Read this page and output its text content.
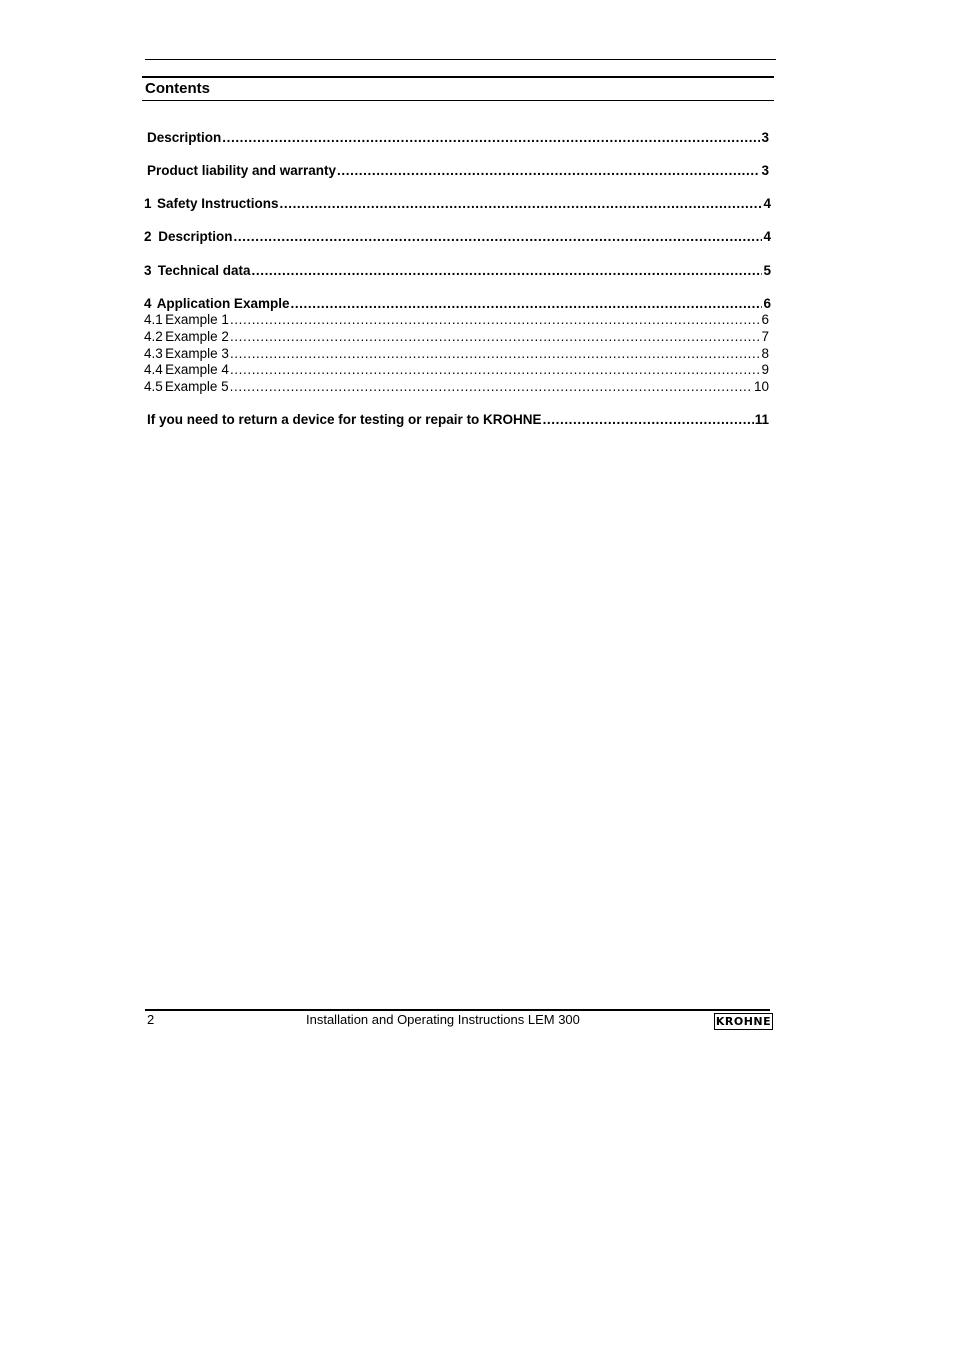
Contents
Description .....	3
Product liability and warranty .....	3
1 Safety Instructions .....	4
2 Description .....	4
3 Technical data .....	5
4 Application Example .....	6
4.1 Example 1 .....	6
4.2 Example 2 .....	7
4.3 Example 3 .....	8
4.4 Example 4 .....	9
4.5 Example 5 .....	10
If you need to return a device for testing or repair to KROHNE .....	11
2	Installation and Operating Instructions LEM 300	KROHNE
